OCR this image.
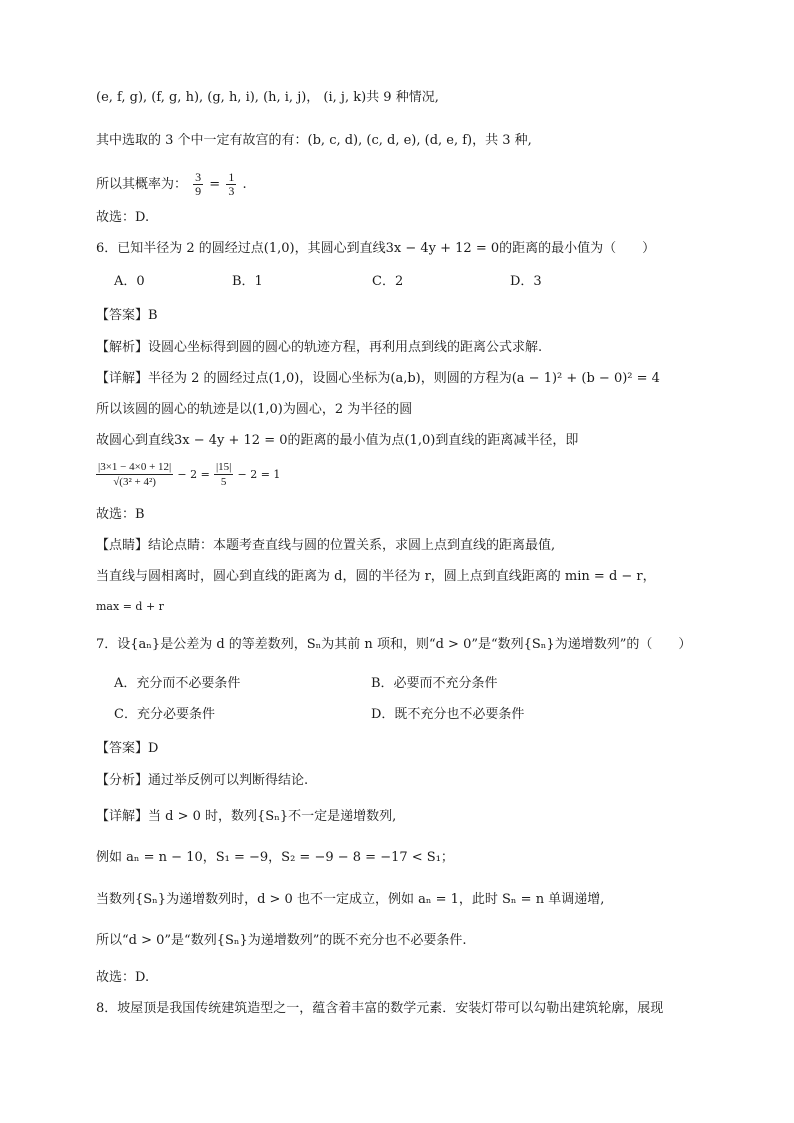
(e, f, g), (f, g, h), (g, h, i), (h, i, j)， (i, j, k)共 9 种情况,
其中选取的 3 个中一定有故宫的有：(b, c, d), (c, d, e), (d, e, f)，共 3 种,
所以其概率为： $\frac{3}{9} = \frac{1}{3}$ .
故选：D.
6．已知半径为 2 的圆经过点(1,0)，其圆心到直线3x − 4y + 12 = 0的距离的最小值为（　　）
A．0	B．1	C．2	D．3
【答案】B
【解析】设圆心坐标得到圆的圆心的轨迹方程，再利用点到线的距离公式求解.
【详解】半径为 2 的圆经过点(1,0)，设圆心坐标为(a,b)，则圆的方程为(a − 1)² + (b − 0)² = 4
所以该圆的圆心的轨迹是以(1,0)为圆心，2 为半径的圆
故圆心到直线3x − 4y + 12 = 0的距离的最小值为点(1,0)到直线的距离减半径，即
$\frac{|3\times 1 - 4\times 0 + 12|}{\text{√(3² + 4²)}} - 2 = \frac{|15|}{5} - 2 = 1$
故选：B
【点睛】结论点睛：本题考查直线与圆的位置关系，求圆上点到直线的距离最值,
当直线与圆相离时，圆心到直线的距离为 d，圆的半径为 r，圆上点到直线距离的 min = d − r，
max = d + r
7．设{aₙ}是公差为 d 的等差数列，Sₙ为其前 n 项和，则“d > 0”是“数列{Sₙ}为递增数列”的（　　）
A．充分而不必要条件	B．必要而不充分条件
C．充分必要条件	D．既不充分也不必要条件
【答案】D
【分析】通过举反例可以判断得结论.
【详解】当 d > 0 时，数列{Sₙ}不一定是递增数列,
例如 aₙ = n − 10，S₁ = −9，S₂ = −9 − 8 = −17 < S₁；
当数列{Sₙ}为递增数列时，d > 0 也不一定成立，例如 aₙ = 1，此时 Sₙ = n 单调递增,
所以“d > 0”是“数列{Sₙ}为递增数列”的既不充分也不必要条件.
故选：D.
8．坡屋顶是我国传统建筑造型之一，蕴含着丰富的数学元素．安装灯带可以勾勒出建筑轮廓，展现
